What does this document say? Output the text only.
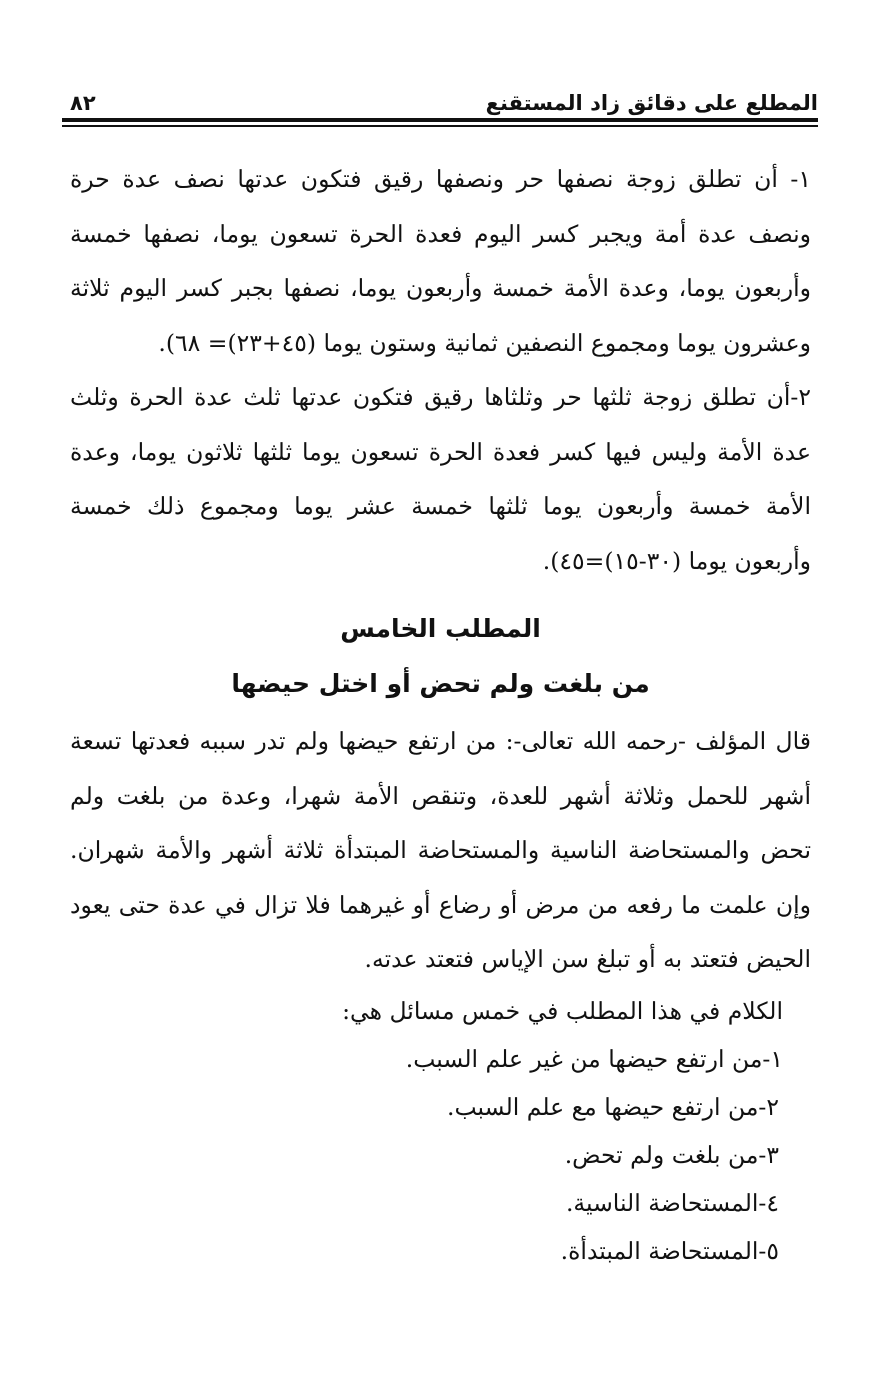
المطلع على دقائق زاد المستقنع
٨٢

١- أن تطلق زوجة نصفها حر ونصفها رقيق فتكون عدتها نصف عدة حرة ونصف عدة أمة ويجبر كسر اليوم فعدة الحرة تسعون يوما، نصفها خمسة وأربعون يوما، وعدة الأمة خمسة وأربعون يوما، نصفها بجبر كسر اليوم ثلاثة وعشرون يوما ومجموع النصفين ثمانية وستون يوما (٤٥+٢٣)= ٦٨).

٢-أن تطلق زوجة ثلثها حر وثلثاها رقيق فتكون عدتها ثلث عدة الحرة وثلث عدة الأمة وليس فيها كسر فعدة الحرة تسعون يوما ثلثها ثلاثون يوما، وعدة الأمة خمسة وأربعون يوما ثلثها خمسة عشر يوما ومجموع ذلك خمسة وأربعون يوما (٣٠-١٥)=٤٥).

المطلب الخامس
من بلغت ولم تحض أو اختل حيضها

قال المؤلف -رحمه الله تعالى-: من ارتفع حيضها ولم تدر سببه فعدتها تسعة أشهر للحمل وثلاثة أشهر للعدة، وتنقص الأمة شهرا، وعدة من بلغت ولم تحض والمستحاضة الناسية والمستحاضة المبتدأة ثلاثة أشهر والأمة شهران. وإن علمت ما رفعه من مرض أو رضاع أو غيرهما فلا تزال في عدة حتى يعود الحيض فتعتد به أو تبلغ سن الإياس فتعتد عدته.

الكلام في هذا المطلب في خمس مسائل هي:

١-من ارتفع حيضها من غير علم السبب.
٢-من ارتفع حيضها مع علم السبب.
٣-من بلغت ولم تحض.
٤-المستحاضة الناسية.
٥-المستحاضة المبتدأة.
